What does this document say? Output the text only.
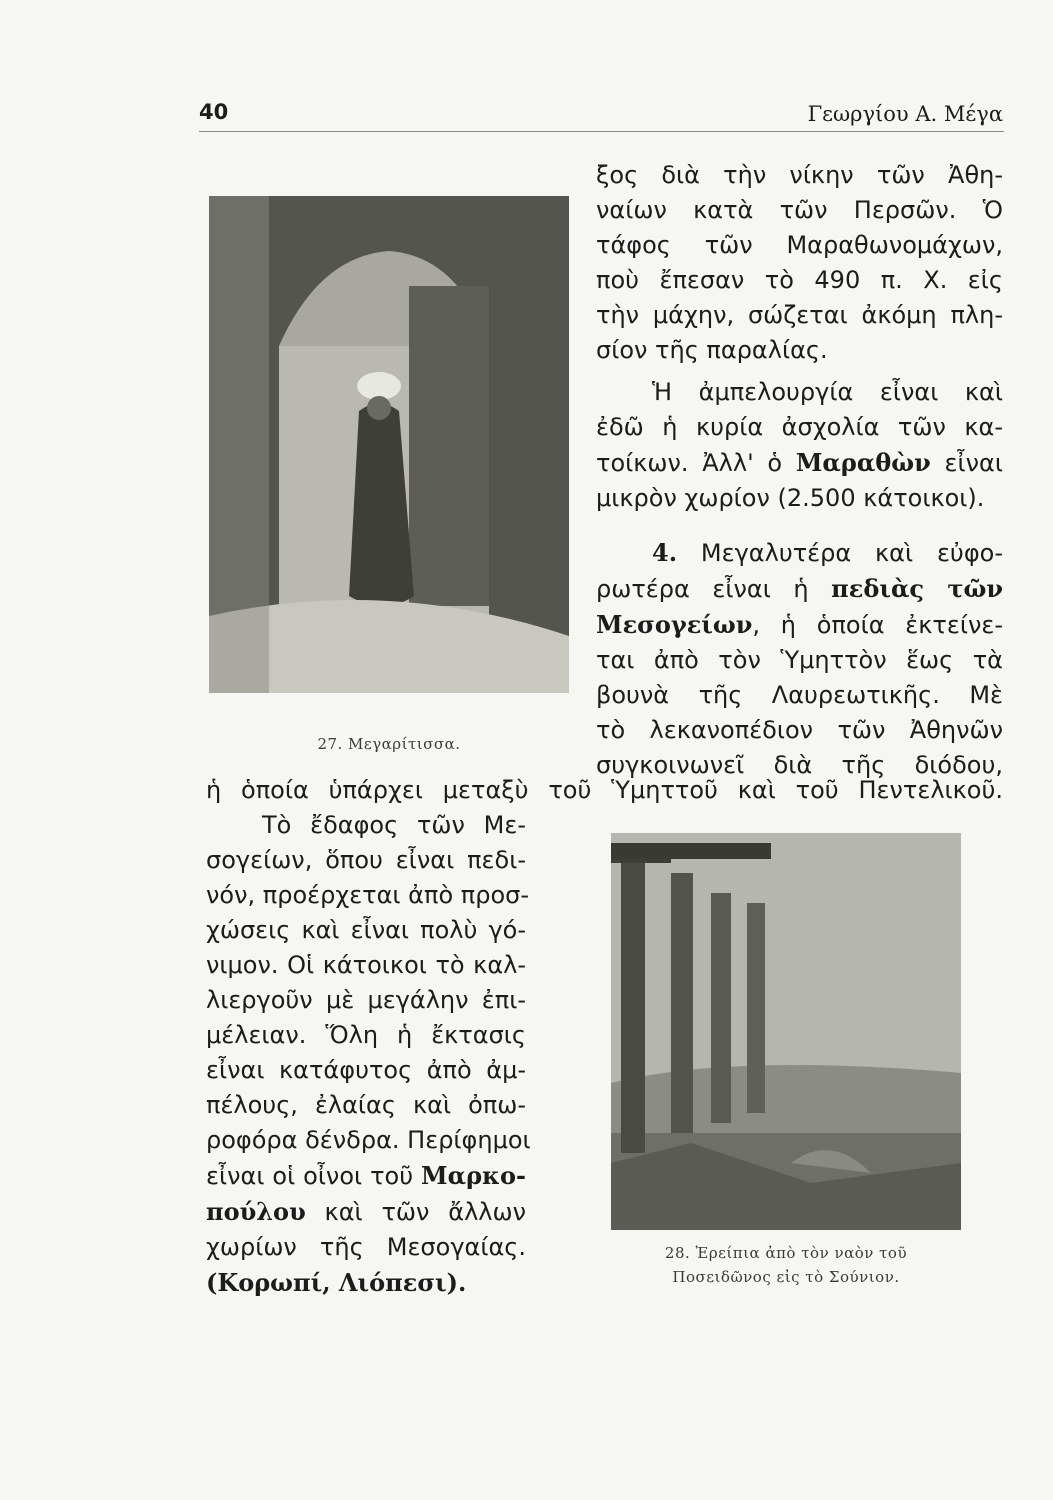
40	Γεωργίου Α. Μέγα
27. Μεγαρίτισσα.
ξος διὰ τὴν νίκην τῶν Ἀθη-
ναίων κατὰ τῶν Περσῶν. Ὁ
τάφος τῶν Μαραθωνομάχων,
ποὺ ἔπεσαν τὸ 490 π. Χ. εἰς
τὴν μάχην, σώζεται ἀκόμη πλη-
σίον τῆς παραλίας.
Ἡ ἀμπελουργία εἶναι καὶ
ἐδῶ ἡ κυρία ἀσχολία τῶν κα-
τοίκων. Ἀλλ' ὁ Μαραθὼν εἶναι
μικρὸν χωρίον (2.500 κάτοικοι).
4. Μεγαλυτέρα καὶ εὐφο-
ρωτέρα εἶναι ἡ πεδιὰς τῶν
Μεσογείων, ἡ ὁποία ἐκτείνε-
ται ἀπὸ τὸν Ὑμηττὸν ἕως τὰ
βουνὰ τῆς Λαυρεωτικῆς. Μὲ
τὸ λεκανοπέδιον τῶν Ἀθηνῶν
συγκοινωνεῖ διὰ τῆς διόδου,
ἡ ὁποία ὑπάρχει μεταξὺ τοῦ Ὑμηττοῦ καὶ τοῦ Πεντελικοῦ.
Τὸ ἔδαφος τῶν Με-
σογείων, ὅπου εἶναι πεδι-
νόν, προέρχεται ἀπὸ προσ-
χώσεις καὶ εἶναι πολὺ γό-
νιμον. Οἱ κάτοικοι τὸ καλ-
λιεργοῦν μὲ μεγάλην ἐπι-
μέλειαν. Ὅλη ἡ ἔκτασις
εἶναι κατάφυτος ἀπὸ ἀμ-
πέλους, ἐλαίας καὶ ὀπω-
ροφόρα δένδρα. Περίφημοι
εἶναι οἱ οἶνοι τοῦ Μαρκο-
πούλου καὶ τῶν ἄλλων
χωρίων τῆς Μεσογαίας.
(Κορωπί, Λιόπεσι).
28. Ἐρείπια ἀπὸ τὸν ναὸν τοῦ
Ποσειδῶνος εἰς τὸ Σούνιον.
